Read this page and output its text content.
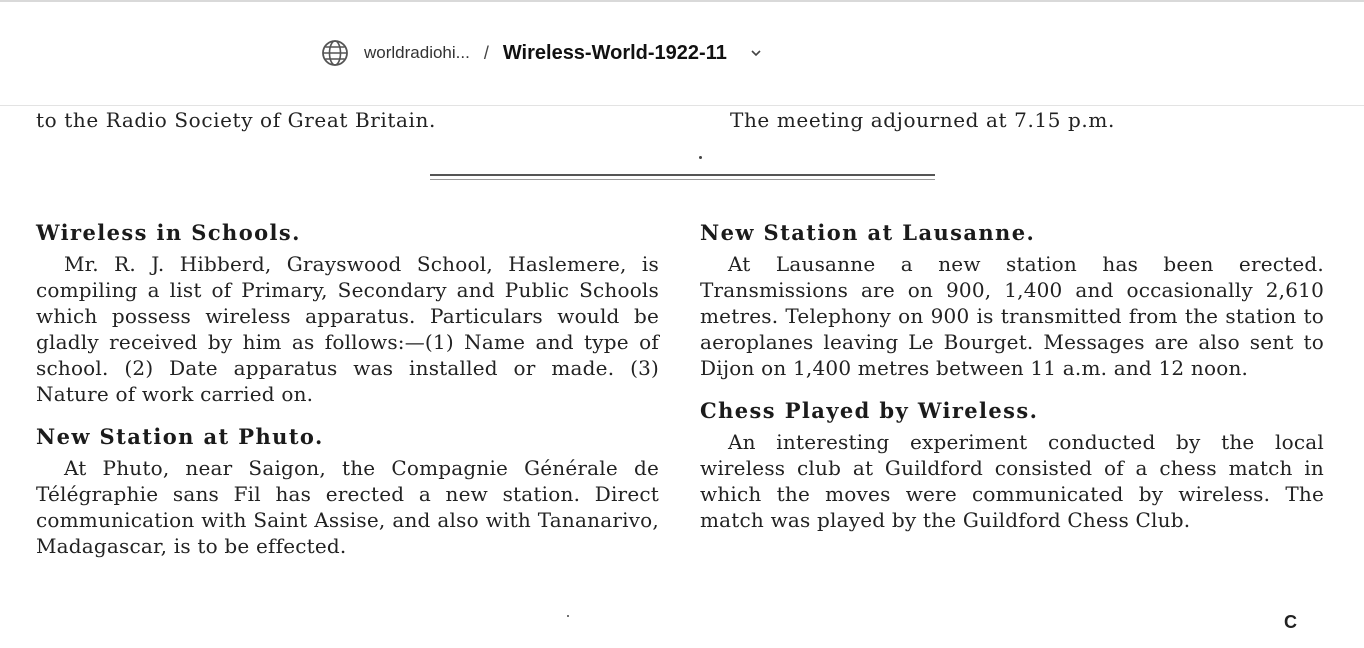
worldradiohi... / Wireless-World-1922-11
to the Radio Society of Great Britain.	The meeting adjourned at 7.15 p.m.
Wireless in Schools.

Mr. R. J. Hibberd, Grayswood School, Haslemere, is compiling a list of Primary, Secondary and Public Schools which possess wireless apparatus. Particulars would be gladly received by him as follows:—(1) Name and type of school. (2) Date apparatus was installed or made. (3) Nature of work carried on.

New Station at Phuto.

At Phuto, near Saigon, the Compagnie Générale de Télégraphie sans Fil has erected a new station. Direct communication with Saint Assise, and also with Tananarivo, Madagascar, is to be effected.

New Station at Lausanne.

At Lausanne a new station has been erected. Transmissions are on 900, 1,400 and occasionally 2,610 metres. Telephony on 900 is transmitted from the station to aeroplanes leaving Le Bourget. Messages are also sent to Dijon on 1,400 metres between 11 a.m. and 12 noon.

Chess Played by Wireless.

An interesting experiment conducted by the local wireless club at Guildford consisted of a chess match in which the moves were communicated by wireless. The match was played by the Guildford Chess Club.

C
